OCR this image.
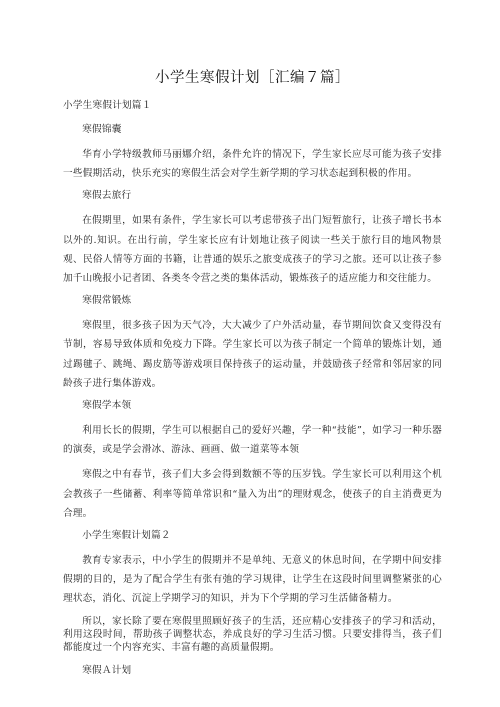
小学生寒假计划［汇编７篇］

小学生寒假计划篇１

寒假锦囊

华育小学特级教师马丽娜介绍，条件允许的情况下，学生家长应尽可能为孩子安排一些假期活动，快乐充实的寒假生活会对学生新学期的学习状态起到积极的作用。

寒假去旅行

在假期里，如果有条件，学生家长可以考虑带孩子出门短暂旅行，让孩子增长书本以外的.知识。在出行前，学生家长应有计划地让孩子阅读一些关于旅行目的地风物景观、民俗人情等方面的书籍，让普通的娱乐之旅变成孩子的学习之旅。还可以让孩子参加千山晚报小记者团、各类冬令营之类的集体活动，锻炼孩子的适应能力和交往能力。

寒假常锻炼

寒假里，很多孩子因为天气冷，大大减少了户外活动量，春节期间饮食又变得没有节制，容易导致体质和免疫力下降。学生家长可以为孩子制定一个简单的锻炼计划，通过踢毽子、跳绳、踢皮筋等游戏项目保持孩子的运动量，并鼓励孩子经常和邻居家的同龄孩子进行集体游戏。

寒假学本领

利用长长的假期，学生可以根据自己的爱好兴趣，学一种“技能”，如学习一种乐器的演奏，或是学会滑冰、游泳、画画、做一道菜等本领

寒假之中有春节，孩子们大多会得到数额不等的压岁钱。学生家长可以利用这个机会教孩子一些储蓄、利率等简单常识和“量入为出”的理财观念，使孩子的自主消费更为合理。

小学生寒假计划篇２

教育专家表示，中小学生的假期并不是单纯、无意义的休息时间，在学期中间安排假期的目的，是为了配合学生有张有弛的学习规律，让学生在这段时间里调整紧张的心理状态，消化、沉淀上学期学习的知识，并为下个学期的学习生活储备精力。

所以，家长除了要在寒假里照顾好孩子的生活，还应精心安排孩子的学习和活动，利用这段时间，帮助孩子调整状态，养成良好的学习生活习惯。只要安排得当，孩子们都能度过一个内容充实、丰富有趣的高质量假期。

寒假Ａ计划
